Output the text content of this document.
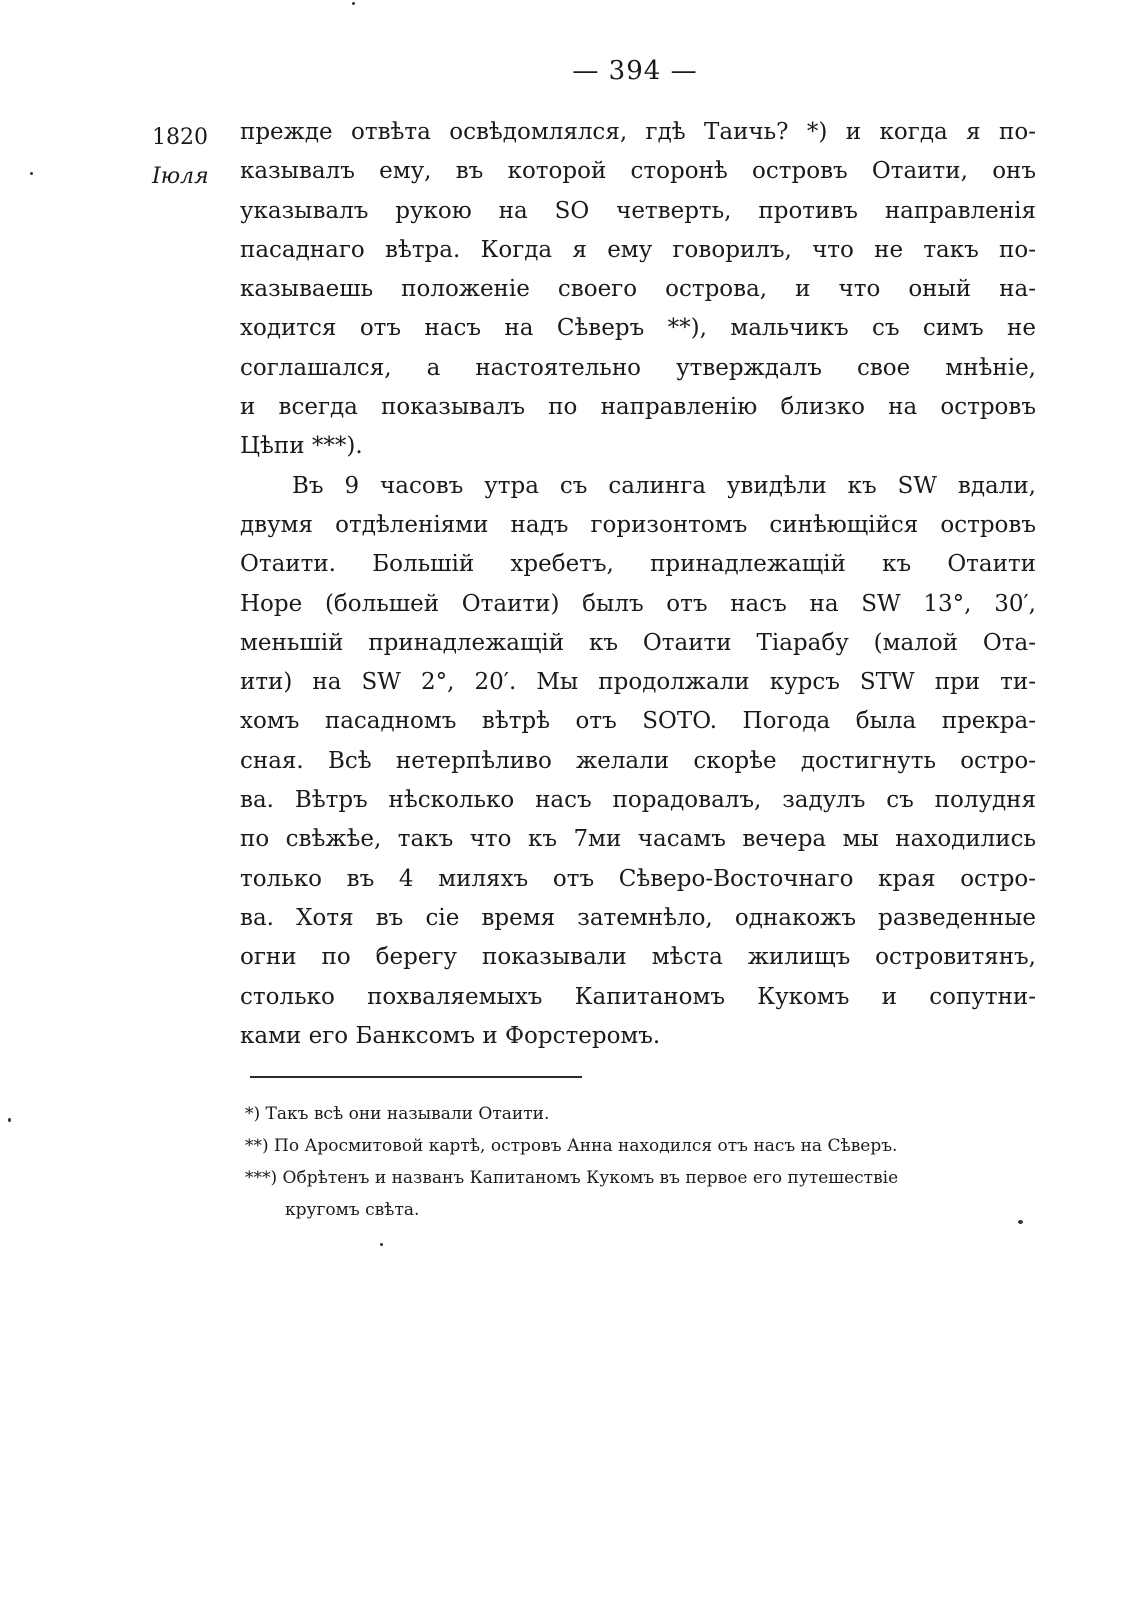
— 394 —
1820
Іюля
прежде отвѣта освѣдомлялся, гдѣ Таичь? *) и когда я по-
казывалъ ему, въ которой сторонѣ островъ Отаити, онъ
указывалъ рукою на SO четверть, противъ направленія
пасаднаго вѣтра. Когда я ему говорилъ, что не такъ по-
казываешь положеніе своего острова, и что оный на-
ходится отъ насъ на Сѣверъ **), мальчикъ съ симъ не
соглашался, а настоятельно утверждалъ свое мнѣніе,
и всегда показывалъ по направленію близко на островъ
Цѣпи ***).
Въ 9 часовъ утра съ салинга увидѣли къ SW вдали,
двумя отдѣленіями надъ горизонтомъ синѣющійся островъ
Отаити. Большій хребетъ, принадлежащій къ Отаити
Норе (большей Отаити) былъ отъ насъ на SW 13°, 30′,
меньшій принадлежащій къ Отаити Тіарабу (малой Ота-
ити) на SW 2°, 20′. Мы продолжали курсъ STW при ти-
хомъ пасадномъ вѣтрѣ отъ SOTO. Погода была прекра-
сная. Всѣ нетерпѣливо желали скорѣе достигнуть остро-
ва. Вѣтръ нѣсколько насъ порадовалъ, задулъ съ полудня
по свѣжѣе, такъ что къ 7ми часамъ вечера мы находились
только въ 4 миляхъ отъ Сѣверо-Восточнаго края остро-
ва. Хотя въ сіе время затемнѣло, однакожъ разведенные
огни по берегу показывали мѣста жилищъ островитянъ,
столько похваляемыхъ Капитаномъ Кукомъ и сопутни-
ками его Банксомъ и Форстеромъ.
*) Такъ всѣ они называли Отаити.
**) По Аросмитовой картѣ, островъ Анна находился отъ насъ на Сѣверъ.
***) Обрѣтенъ и названъ Капитаномъ Кукомъ въ первое его путешествіе
кругомъ свѣта.
